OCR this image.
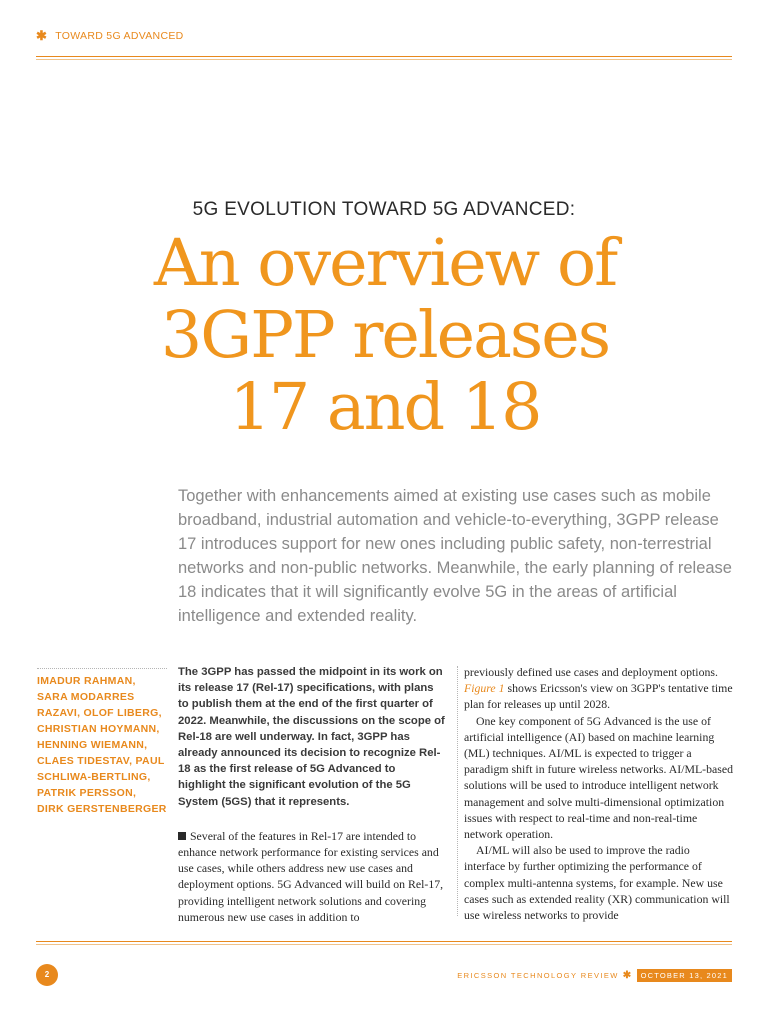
✱ TOWARD 5G ADVANCED
5G EVOLUTION TOWARD 5G ADVANCED:
An overview of 3GPP releases 17 and 18
Together with enhancements aimed at existing use cases such as mobile broadband, industrial automation and vehicle-to-everything, 3GPP release 17 introduces support for new ones including public safety, non-terrestrial networks and non-public networks. Meanwhile, the early planning of release 18 indicates that it will significantly evolve 5G in the areas of artificial intelligence and extended reality.
IMADUR RAHMAN,
SARA MODARRES
RAZAVI, OLOF LIBERG,
CHRISTIAN HOYMANN,
HENNING WIEMANN,
CLAES TIDESTAV, PAUL
SCHLIWA-BERTLING,
PATRIK PERSSON,
DIRK GERSTENBERGER

The 3GPP has passed the midpoint in its work on its release 17 (Rel-17) specifications, with plans to publish them at the end of the first quarter of 2022. Meanwhile, the discussions on the scope of Rel-18 are well underway. In fact, 3GPP has already announced its decision to recognize Rel-18 as the first release of 5G Advanced to highlight the significant evolution of the 5G System (5GS) that it represents.

Several of the features in Rel-17 are intended to enhance network performance for existing services and use cases, while others address new use cases and deployment options. 5G Advanced will build on Rel-17, providing intelligent network solutions and covering numerous new use cases in addition to

previously defined use cases and deployment options. Figure 1 shows Ericsson's view on 3GPP's tentative time plan for releases up until 2028.

One key component of 5G Advanced is the use of artificial intelligence (AI) based on machine learning (ML) techniques. AI/ML is expected to trigger a paradigm shift in future wireless networks. AI/ML-based solutions will be used to introduce intelligent network management and solve multi-dimensional optimization issues with respect to real-time and non-real-time network operation.

AI/ML will also be used to improve the radio interface by further optimizing the performance of complex multi-antenna systems, for example. New use cases such as extended reality (XR) communication will use wireless networks to provide

2	ERICSSON TECHNOLOGY REVIEW ✱	OCTOBER 13, 2021
